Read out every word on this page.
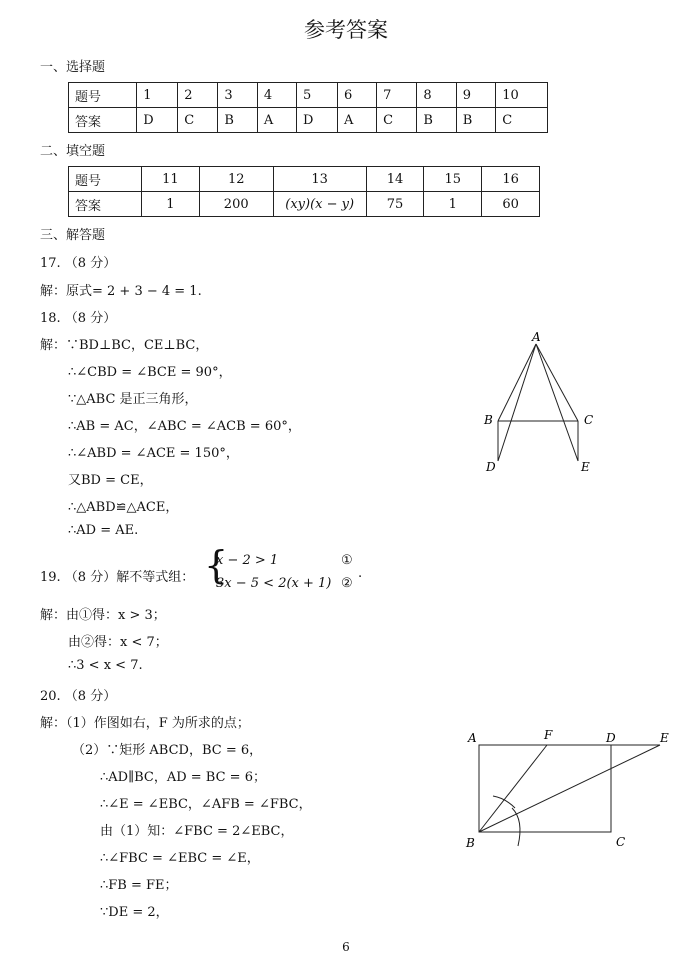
参考答案
一、选择题
题号	1	2	3	4	5	6	7	8	9	10
答案	D	C	B	A	D	A	C	B	B	C
二、填空题
题号	11	12	13	14	15	16
答案	1	200	(xy)(x − y)	75	1	60
三、解答题
17. （8 分）
解：原式= 2 + 3 − 4 = 1.
18. （8 分）
解：∵BD⊥BC，CE⊥BC，
∴∠CBD = ∠BCE = 90°，
∵△ABC 是正三角形，
∴AB = AC，∠ABC = ∠ACB = 60°，
∴∠ABD = ∠ACE = 150°，
又BD = CE，
∴△ABD≌△ACE，
∴AD = AE.
A
B	C
D	E
19. （8 分）解不等式组： {
x − 2 > 1
3x − 5 < 2(x + 1)
①
②
.
解：由①得：x > 3；
由②得：x < 7；
∴3 < x < 7.
20. （8 分）
解：（1）作图如右，F 为所求的点；
（2）∵矩形 ABCD，BC = 6，
∴AD∥BC，AD = BC = 6；
∴∠E = ∠EBC，∠AFB = ∠FBC，
由（1）知：∠FBC = 2∠EBC，
∴∠FBC = ∠EBC = ∠E，
∴FB = FE；
∵DE = 2，
A	F	D	E
B	C
6
